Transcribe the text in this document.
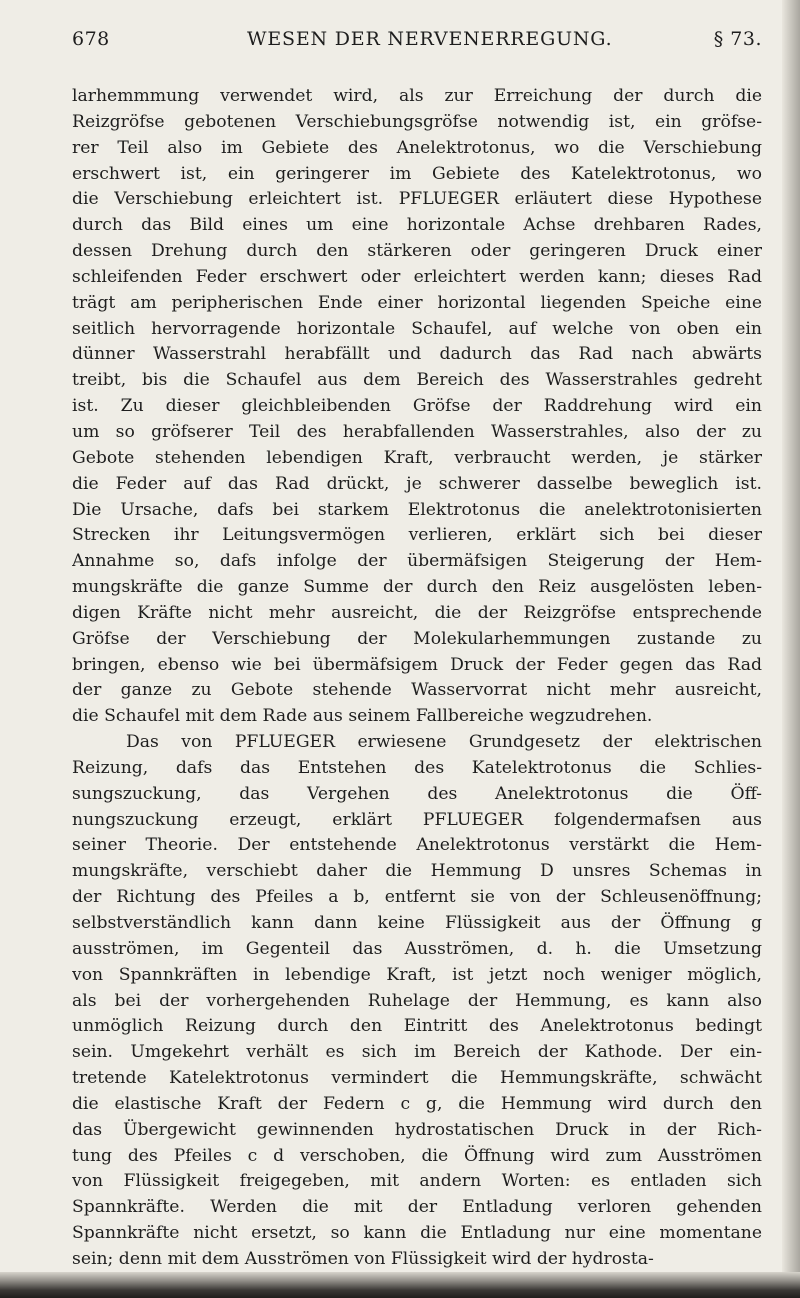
678	WESEN DER NERVENERREGUNG.	§ 73.
larhemmmung verwendet wird, als zur Erreichung der durch die
Reizgröfse gebotenen Verschiebungsgröfse notwendig ist, ein gröfse-
rer Teil also im Gebiete des Anelektrotonus, wo die Verschiebung
erschwert ist, ein geringerer im Gebiete des Katelektrotonus, wo
die Verschiebung erleichtert ist. PFLUEGER erläutert diese Hypothese
durch das Bild eines um eine horizontale Achse drehbaren Rades,
dessen Drehung durch den stärkeren oder geringeren Druck einer
schleifenden Feder erschwert oder erleichtert werden kann; dieses Rad
trägt am peripherischen Ende einer horizontal liegenden Speiche eine
seitlich hervorragende horizontale Schaufel, auf welche von oben ein
dünner Wasserstrahl herabfällt und dadurch das Rad nach abwärts
treibt, bis die Schaufel aus dem Bereich des Wasserstrahles gedreht
ist. Zu dieser gleichbleibenden Gröfse der Raddrehung wird ein
um so gröfserer Teil des herabfallenden Wasserstrahles, also der zu
Gebote stehenden lebendigen Kraft, verbraucht werden, je stärker
die Feder auf das Rad drückt, je schwerer dasselbe beweglich ist.
Die Ursache, dafs bei starkem Elektrotonus die anelektrotonisierten
Strecken ihr Leitungsvermögen verlieren, erklärt sich bei dieser
Annahme so, dafs infolge der übermäfsigen Steigerung der Hem-
mungskräfte die ganze Summe der durch den Reiz ausgelösten leben-
digen Kräfte nicht mehr ausreicht, die der Reizgröfse entsprechende
Gröfse der Verschiebung der Molekularhemmungen zustande zu
bringen, ebenso wie bei übermäfsigem Druck der Feder gegen das Rad
der ganze zu Gebote stehende Wasservorrat nicht mehr ausreicht,
die Schaufel mit dem Rade aus seinem Fallbereiche wegzudrehen.
Das von PFLUEGER erwiesene Grundgesetz der elektrischen
Reizung, dafs das Entstehen des Katelektrotonus die Schlies-
sungszuckung, das Vergehen des Anelektrotonus die Öff-
nungszuckung erzeugt, erklärt PFLUEGER folgendermafsen aus
seiner Theorie. Der entstehende Anelektrotonus verstärkt die Hem-
mungskräfte, verschiebt daher die Hemmung D unsres Schemas in
der Richtung des Pfeiles a b, entfernt sie von der Schleusenöffnung;
selbstverständlich kann dann keine Flüssigkeit aus der Öffnung g
ausströmen, im Gegenteil das Ausströmen, d. h. die Umsetzung
von Spannkräften in lebendige Kraft, ist jetzt noch weniger möglich,
als bei der vorhergehenden Ruhelage der Hemmung, es kann also
unmöglich Reizung durch den Eintritt des Anelektrotonus bedingt
sein. Umgekehrt verhält es sich im Bereich der Kathode. Der ein-
tretende Katelektrotonus vermindert die Hemmungskräfte, schwächt
die elastische Kraft der Federn c g, die Hemmung wird durch den
das Übergewicht gewinnenden hydrostatischen Druck in der Rich-
tung des Pfeiles c d verschoben, die Öffnung wird zum Ausströmen
von Flüssigkeit freigegeben, mit andern Worten: es entladen sich
Spannkräfte. Werden die mit der Entladung verloren gehenden
Spannkräfte nicht ersetzt, so kann die Entladung nur eine momentane
sein; denn mit dem Ausströmen von Flüssigkeit wird der hydrosta-
